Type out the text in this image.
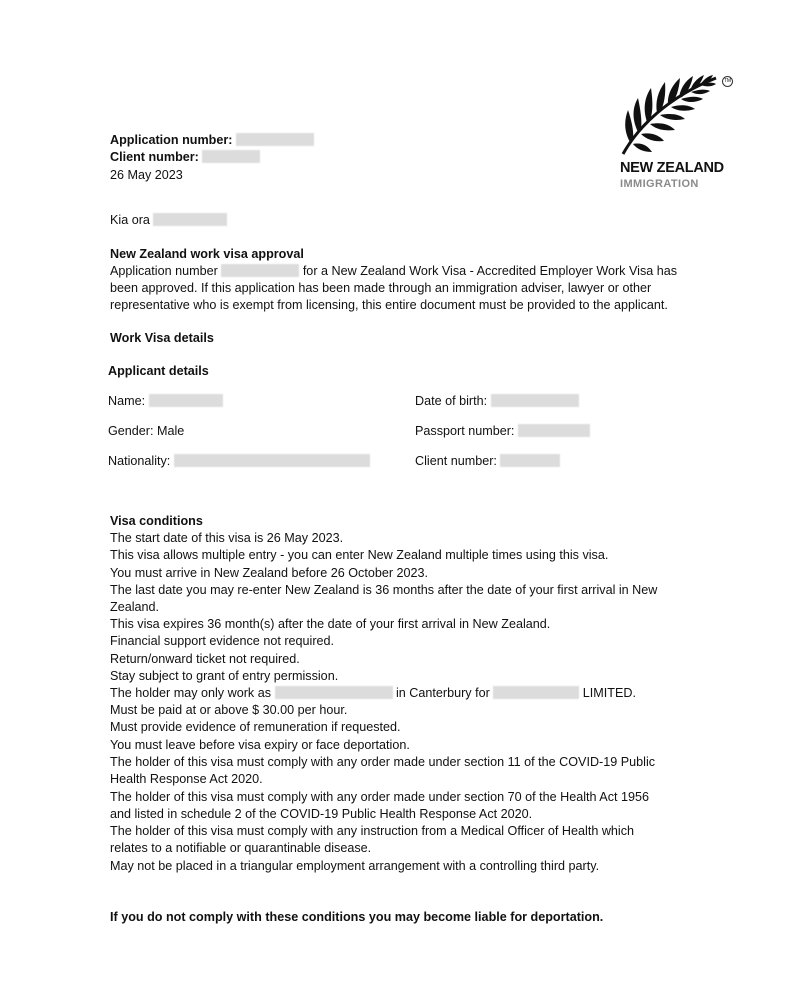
TM
NEW ZEALAND
IMMIGRATION
Application number:
Client number:
26 May 2023
Kia ora
New Zealand work visa approval
Application number	for a New Zealand Work Visa - Accredited Employer Work Visa has
been approved. If this application has been made through an immigration adviser, lawyer or other
representative who is exempt from licensing, this entire document must be provided to the applicant.
Work Visa details
Applicant details
Name:	Date of birth:
Gender: Male	Passport number:
Nationality:	Client number:
Visa conditions
The start date of this visa is 26 May 2023.
This visa allows multiple entry - you can enter New Zealand multiple times using this visa.
You must arrive in New Zealand before 26 October 2023.
The last date you may re-enter New Zealand is 36 months after the date of your first arrival in New
Zealand.
This visa expires 36 month(s) after the date of your first arrival in New Zealand.
Financial support evidence not required.
Return/onward ticket not required.
Stay subject to grant of entry permission.
The holder may only work as	in Canterbury for	LIMITED.
Must be paid at or above $ 30.00 per hour.
Must provide evidence of remuneration if requested.
You must leave before visa expiry or face deportation.
The holder of this visa must comply with any order made under section 11 of the COVID-19 Public
Health Response Act 2020.
The holder of this visa must comply with any order made under section 70 of the Health Act 1956
and listed in schedule 2 of the COVID-19 Public Health Response Act 2020.
The holder of this visa must comply with any instruction from a Medical Officer of Health which
relates to a notifiable or quarantinable disease.
May not be placed in a triangular employment arrangement with a controlling third party.
If you do not comply with these conditions you may become liable for deportation.
